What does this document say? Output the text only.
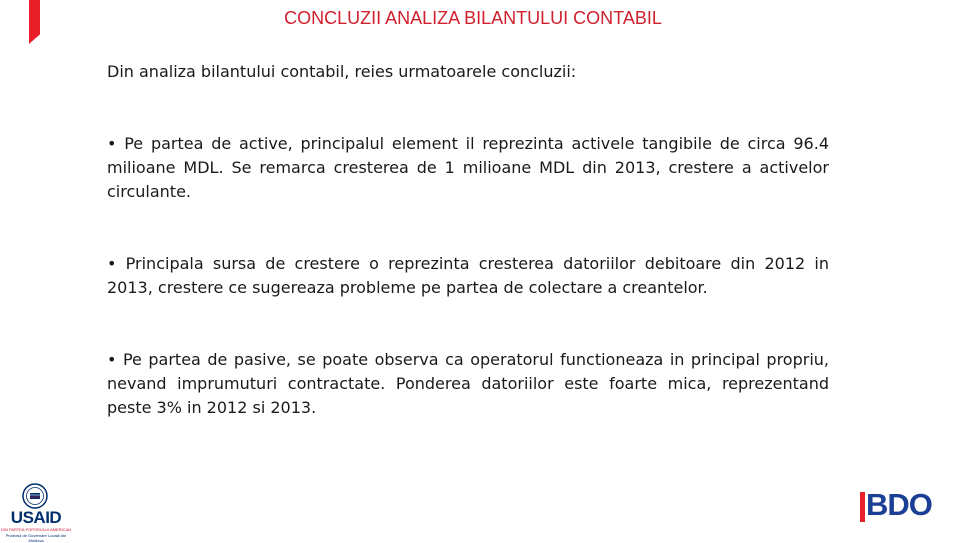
CONCLUZII ANALIZA BILANTULUI CONTABIL

Din analiza bilantului contabil, reies urmatoarele concluzii:

• Pe partea de active, principalul element il reprezinta activele tangibile de circa 96.4 milioane MDL. Se remarca cresterea de 1 milioane MDL din 2013, crestere a activelor circulante.

• Principala sursa de crestere o reprezinta cresterea datoriilor debitoare din 2012 in 2013, crestere ce sugereaza probleme pe partea de colectare a creantelor.

• Pe partea de pasive, se poate observa ca operatorul functioneaza in principal propriu, nevand imprumuturi contractate. Ponderea datoriilor este foarte mica, reprezentand peste 3% in 2012 si 2013.

USAID
DIN PARTEA POPORULUI AMERICAN
Proiectul de Guvernare Locală din Moldova
BDO
